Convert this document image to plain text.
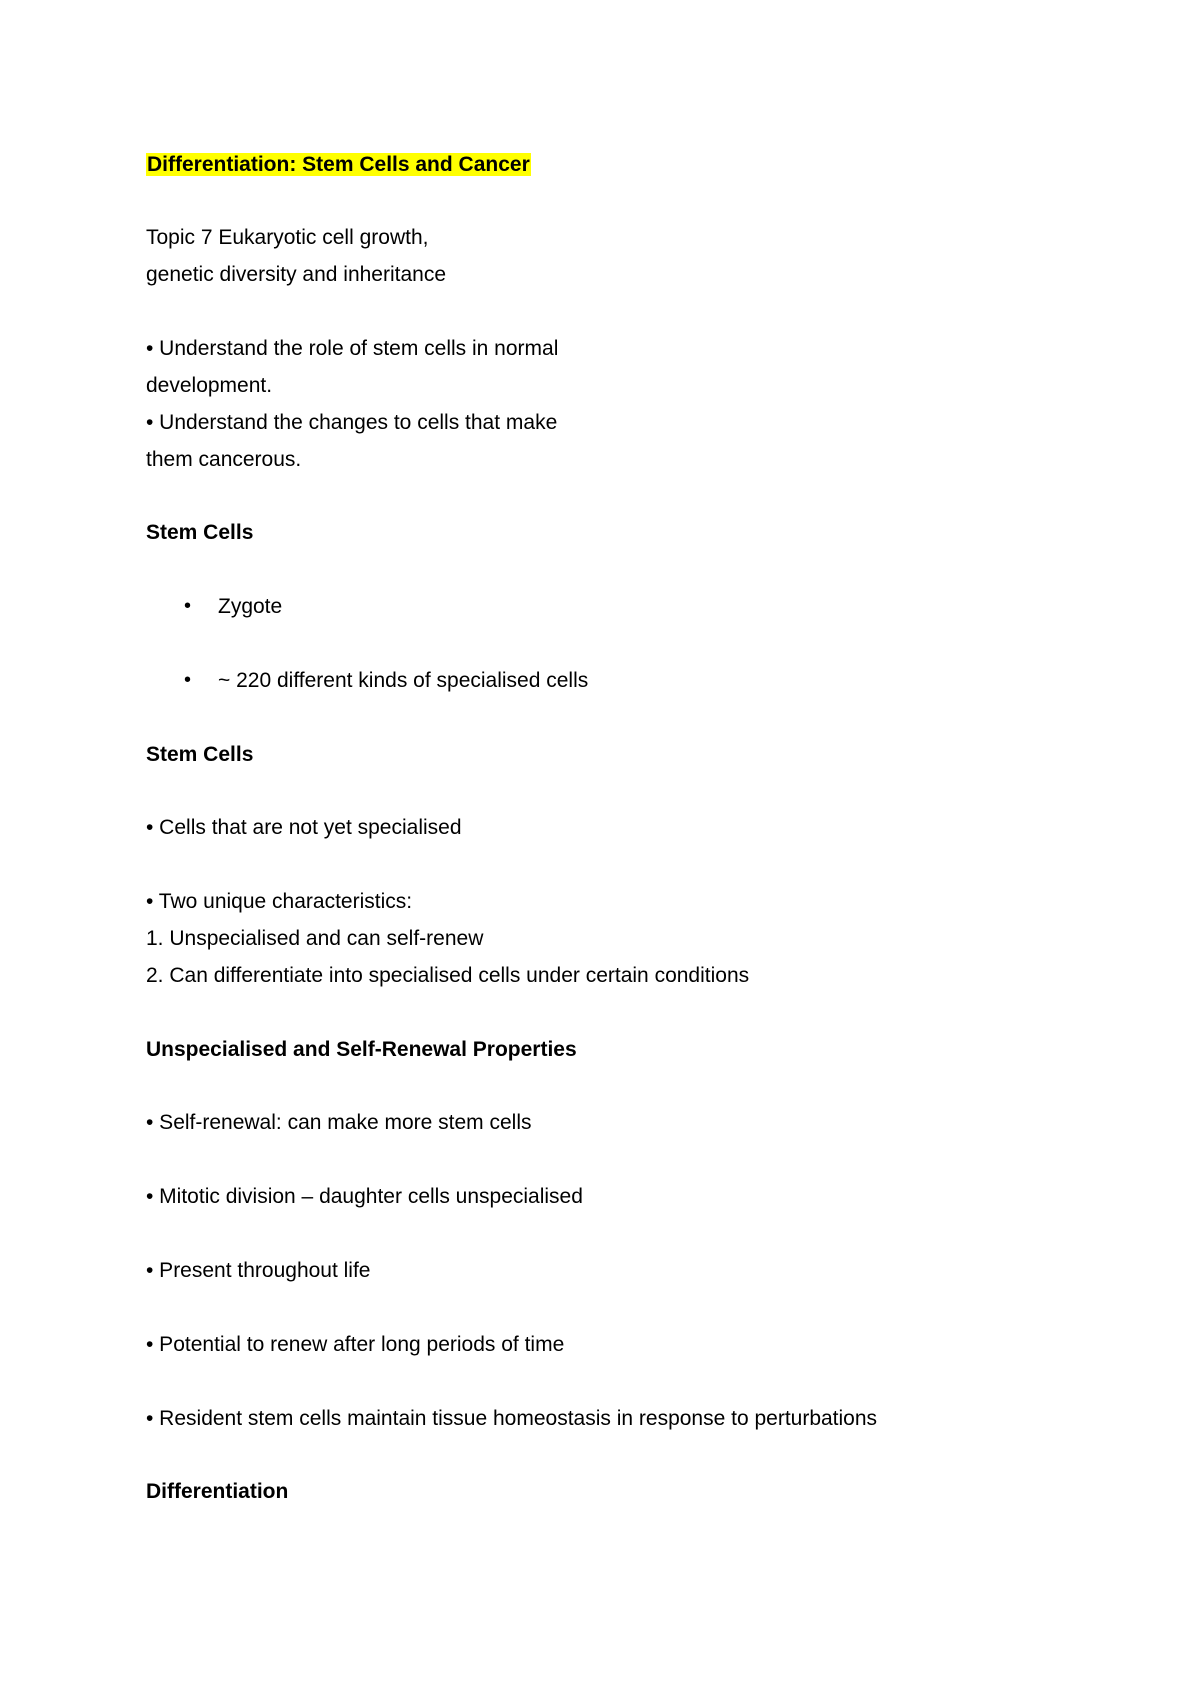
Differentiation: Stem Cells and Cancer
Topic 7 Eukaryotic cell growth,
genetic diversity and inheritance
• Understand the role of stem cells in normal
development.
• Understand the changes to cells that make
them cancerous.
Stem Cells
• Zygote
• ~ 220 different kinds of specialised cells
Stem Cells
• Cells that are not yet specialised
• Two unique characteristics:
1. Unspecialised and can self-renew
2. Can differentiate into specialised cells under certain conditions
Unspecialised and Self-Renewal Properties
• Self-renewal: can make more stem cells
• Mitotic division – daughter cells unspecialised
• Present throughout life
• Potential to renew after long periods of time
• Resident stem cells maintain tissue homeostasis in response to perturbations
Differentiation
